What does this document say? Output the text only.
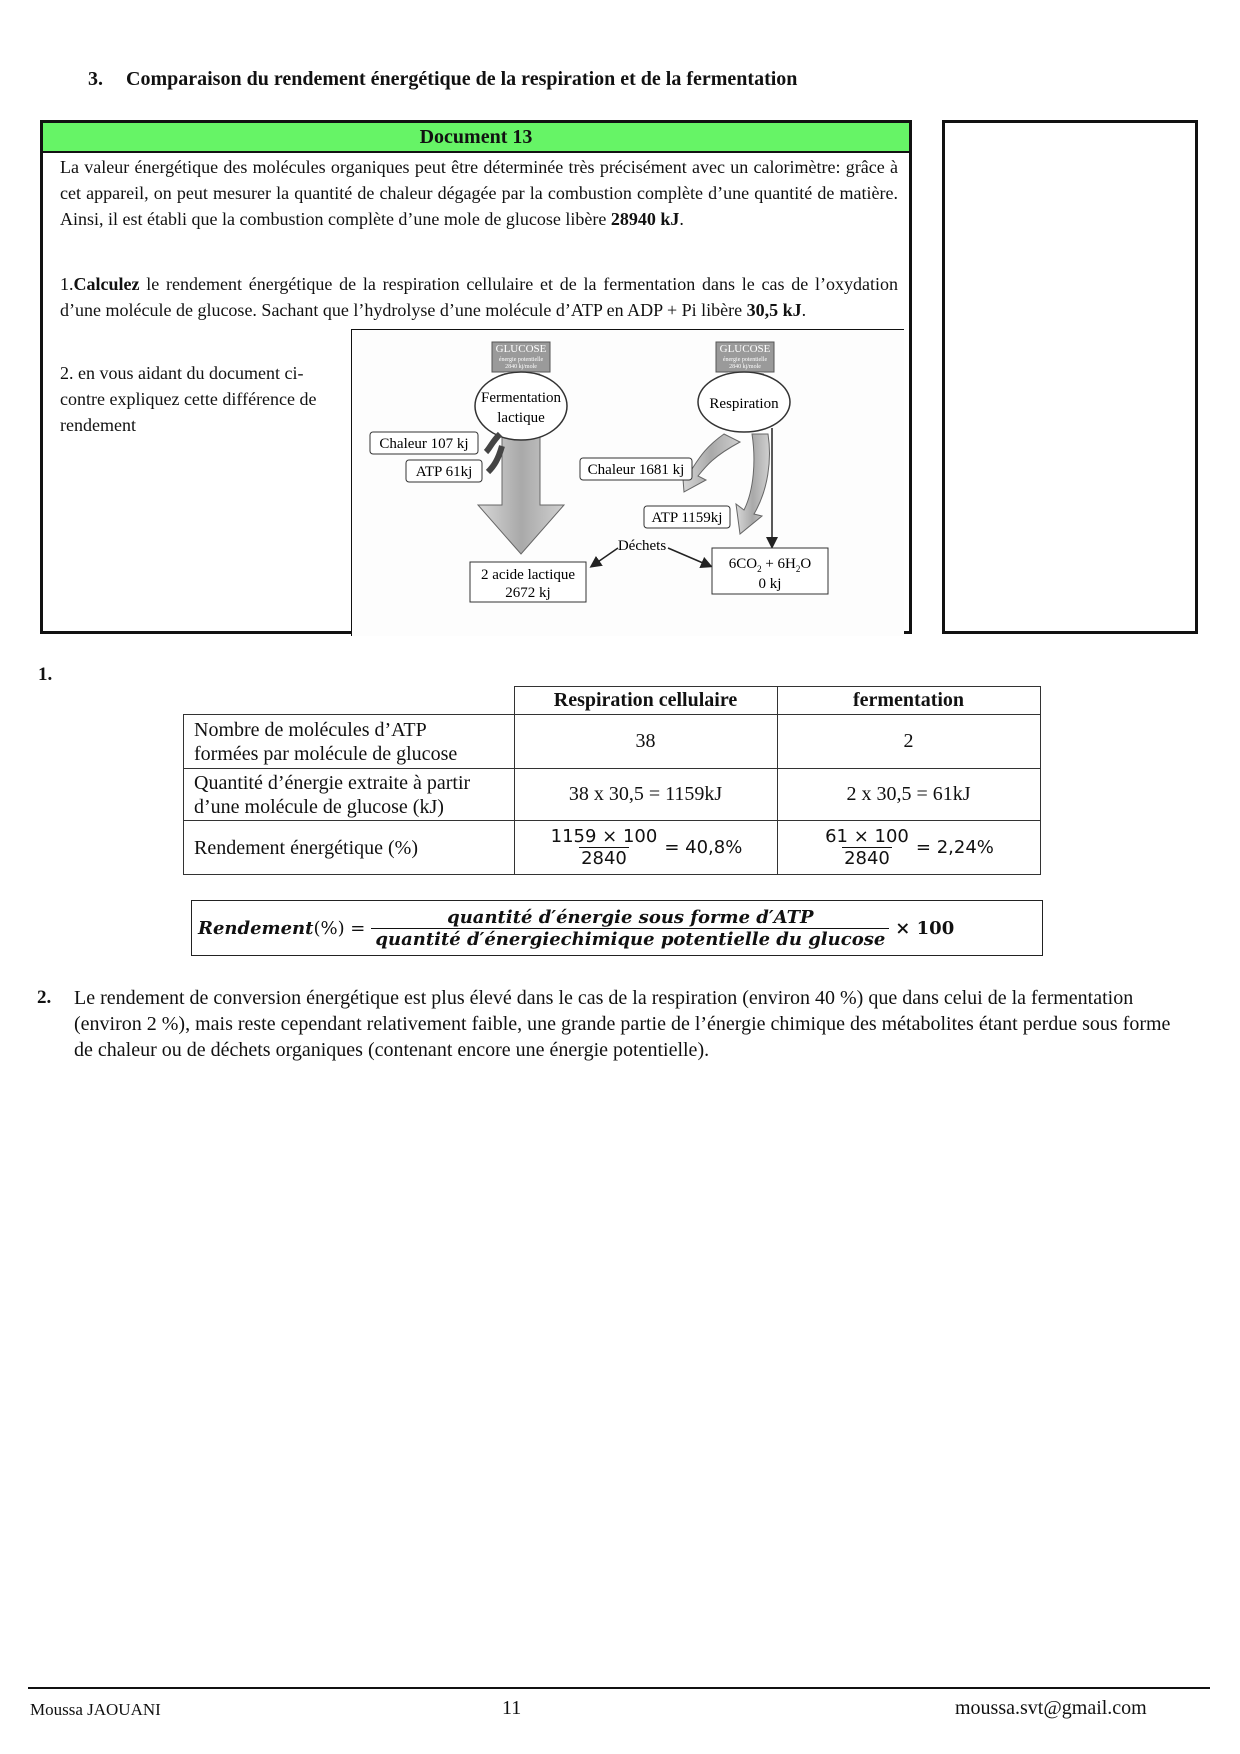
3. Comparaison du rendement énergétique de la respiration et de la fermentation
Document 13
La valeur énergétique des molécules organiques peut être déterminée très précisément avec un calorimètre: grâce à cet appareil, on peut mesurer la quantité de chaleur dégagée par la combustion complète d’une quantité de matière. Ainsi, il est établi que la combustion complète d’une mole de glucose libère 28940 kJ.
1.Calculez le rendement énergétique de la respiration cellulaire et de la fermentation dans le cas de l’oxydation d’une molécule de glucose. Sachant que l’hydrolyse d’une molécule d’ATP en ADP + Pi libère 30,5 kJ.
2. en vous aidant du document ci-contre expliquez cette différence de rendement
GLUCOSE
énergie potentielle
2840 kj/mole
Fermentation
lactique
Chaleur 107 kj
ATP 61kj
2 acide lactique
2672 kj
GLUCOSE
énergie potentielle
2840 kj/mole
Respiration
Chaleur 1681 kj
ATP 1159kj
Déchets
$6CO_2 + 6H_2O$
0 kj
1.
	Respiration cellulaire	fermentation
Nombre de molécules d’ATP
formées par molécule de glucose	38	2
Quantité d’énergie extraite à partir
d’une molécule de glucose (kJ)	38 x 30,5 = 1159kJ	2 x 30,5 = 61kJ
Rendement énergétique (%)	$\frac{1159 \times 100}{2840} = 40,8\%$	$\frac{61 \times 100}{2840} = 2,24\%$
Rendement (%) =
quantité d′énergie sous forme d′ATP
quantité d′énergiechimique potentielle du glucose
× 100
2. Le rendement de conversion énergétique est plus élevé dans le cas de la respiration (environ 40 %) que dans celui de la fermentation (environ 2 %), mais reste cependant relativement faible, une grande partie de l’énergie chimique des métabolites étant perdue sous forme de chaleur ou de déchets organiques (contenant encore une énergie potentielle).
Moussa JAOUANI	11	moussa.svt@gmail.com
